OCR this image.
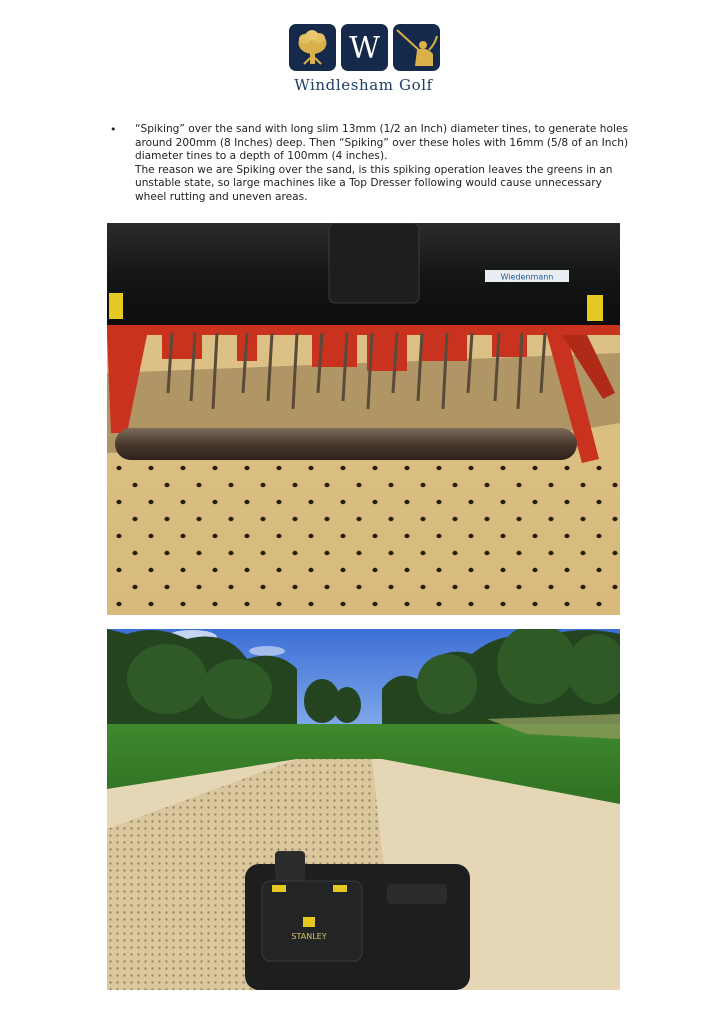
W
Windlesham Golf
• “Spiking” over the sand with long slim 13mm (1/2 an Inch) diameter tines, to generate holes around 200mm (8 Inches) deep. Then “Spiking” over these holes with 16mm (5/8 of an Inch) diameter tines to a depth of 100mm (4 inches).

The reason we are Spiking over the sand, is this spiking operation leaves the greens in an unstable state, so large machines like a Top Dresser following would cause unnecessary wheel rutting and uneven areas.

Wiedenmann
STANLEY
